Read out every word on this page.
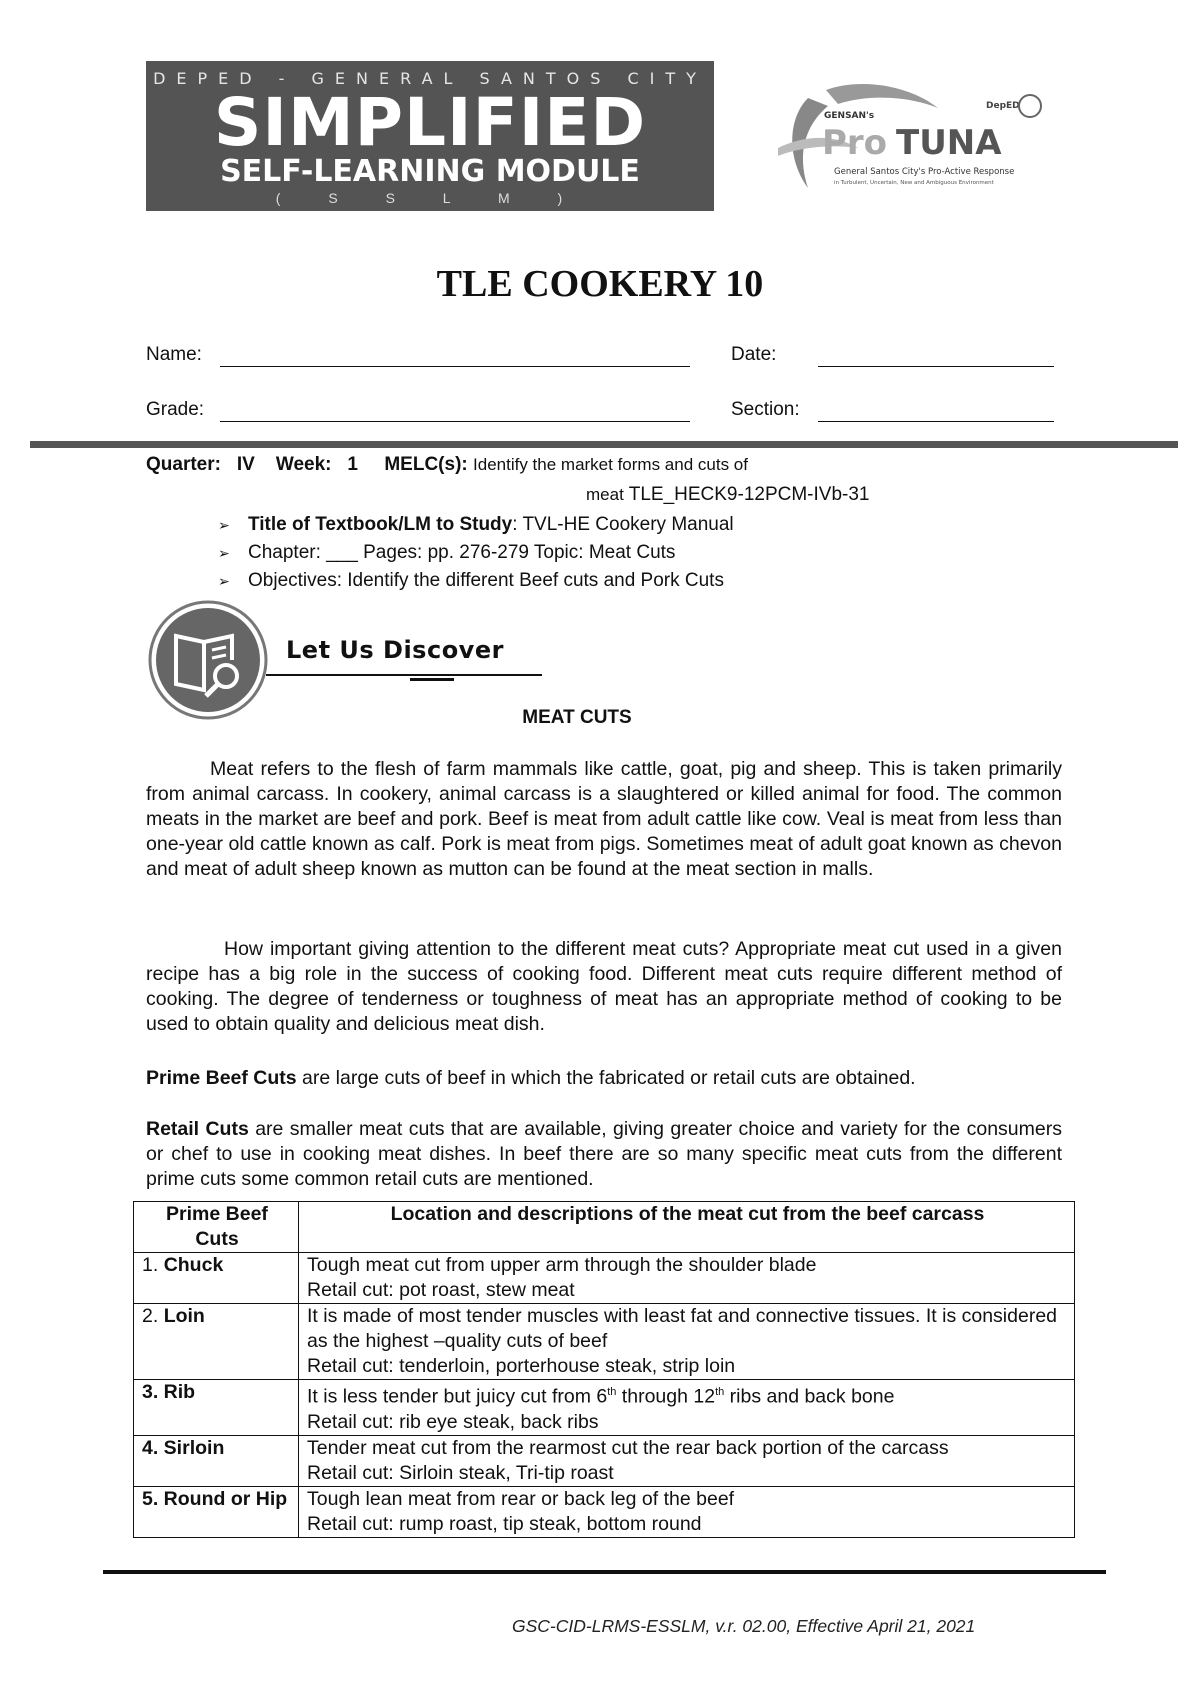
DEPED - GENERAL SANTOS CITY
SIMPLIFIED
SELF-LEARNING MODULE
( S S L M )
GENSAN's
Pro TUNA
DepED
General Santos City's Pro-Active Response
in Turbulent, Uncertain, New and Ambiguous Environment
TLE COOKERY 10
Name:	Date:
Grade:	Section:
Quarter: IV Week: 1 MELC(s): Identify the market forms and cuts of
meat TLE_HECK9-12PCM-IVb-31
➢ Title of Textbook/LM to Study : TVL-HE Cookery Manual
➢ Chapter: ___ Pages: pp. 276-279 Topic: Meat Cuts
➢ Objectives: Identify the different Beef cuts and Pork Cuts
Let Us Discover
MEAT CUTS
Meat refers to the flesh of farm mammals like cattle, goat, pig and sheep. This is taken primarily from animal carcass. In cookery, animal carcass is a slaughtered or killed animal for food. The common meats in the market are beef and pork. Beef is meat from adult cattle like cow. Veal is meat from less than one-year old cattle known as calf. Pork is meat from pigs. Sometimes meat of adult goat known as chevon and meat of adult sheep known as mutton can be found at the meat section in malls.
How important giving attention to the different meat cuts? Appropriate meat cut used in a given recipe has a big role in the success of cooking food. Different meat cuts require different method of cooking. The degree of tenderness or toughness of meat has an appropriate method of cooking to be used to obtain quality and delicious meat dish.
Prime Beef Cuts are large cuts of beef in which the fabricated or retail cuts are obtained.
Retail Cuts are smaller meat cuts that are available, giving greater choice and variety for the consumers or chef to use in cooking meat dishes. In beef there are so many specific meat cuts from the different prime cuts some common retail cuts are mentioned.
Prime Beef Cuts	Location and descriptions of the meat cut from the beef carcass
1. Chuck	Tough meat cut from upper arm through the shoulder blade
Retail cut: pot roast, stew meat

2. Loin	It is made of most tender muscles with least fat and connective tissues. It is considered as the highest –quality cuts of beef
Retail cut: tenderloin, porterhouse steak, strip loin

3. Rib	It is less tender but juicy cut from 6th through 12th ribs and back bone
Retail cut: rib eye steak, back ribs

4. Sirloin	Tender meat cut from the rearmost cut the rear back portion of the carcass
Retail cut: Sirloin steak, Tri-tip roast

5. Round or Hip	Tough lean meat from rear or back leg of the beef
Retail cut: rump roast, tip steak, bottom round
GSC-CID-LRMS-ESSLM, v.r. 02.00, Effective April 21, 2021
